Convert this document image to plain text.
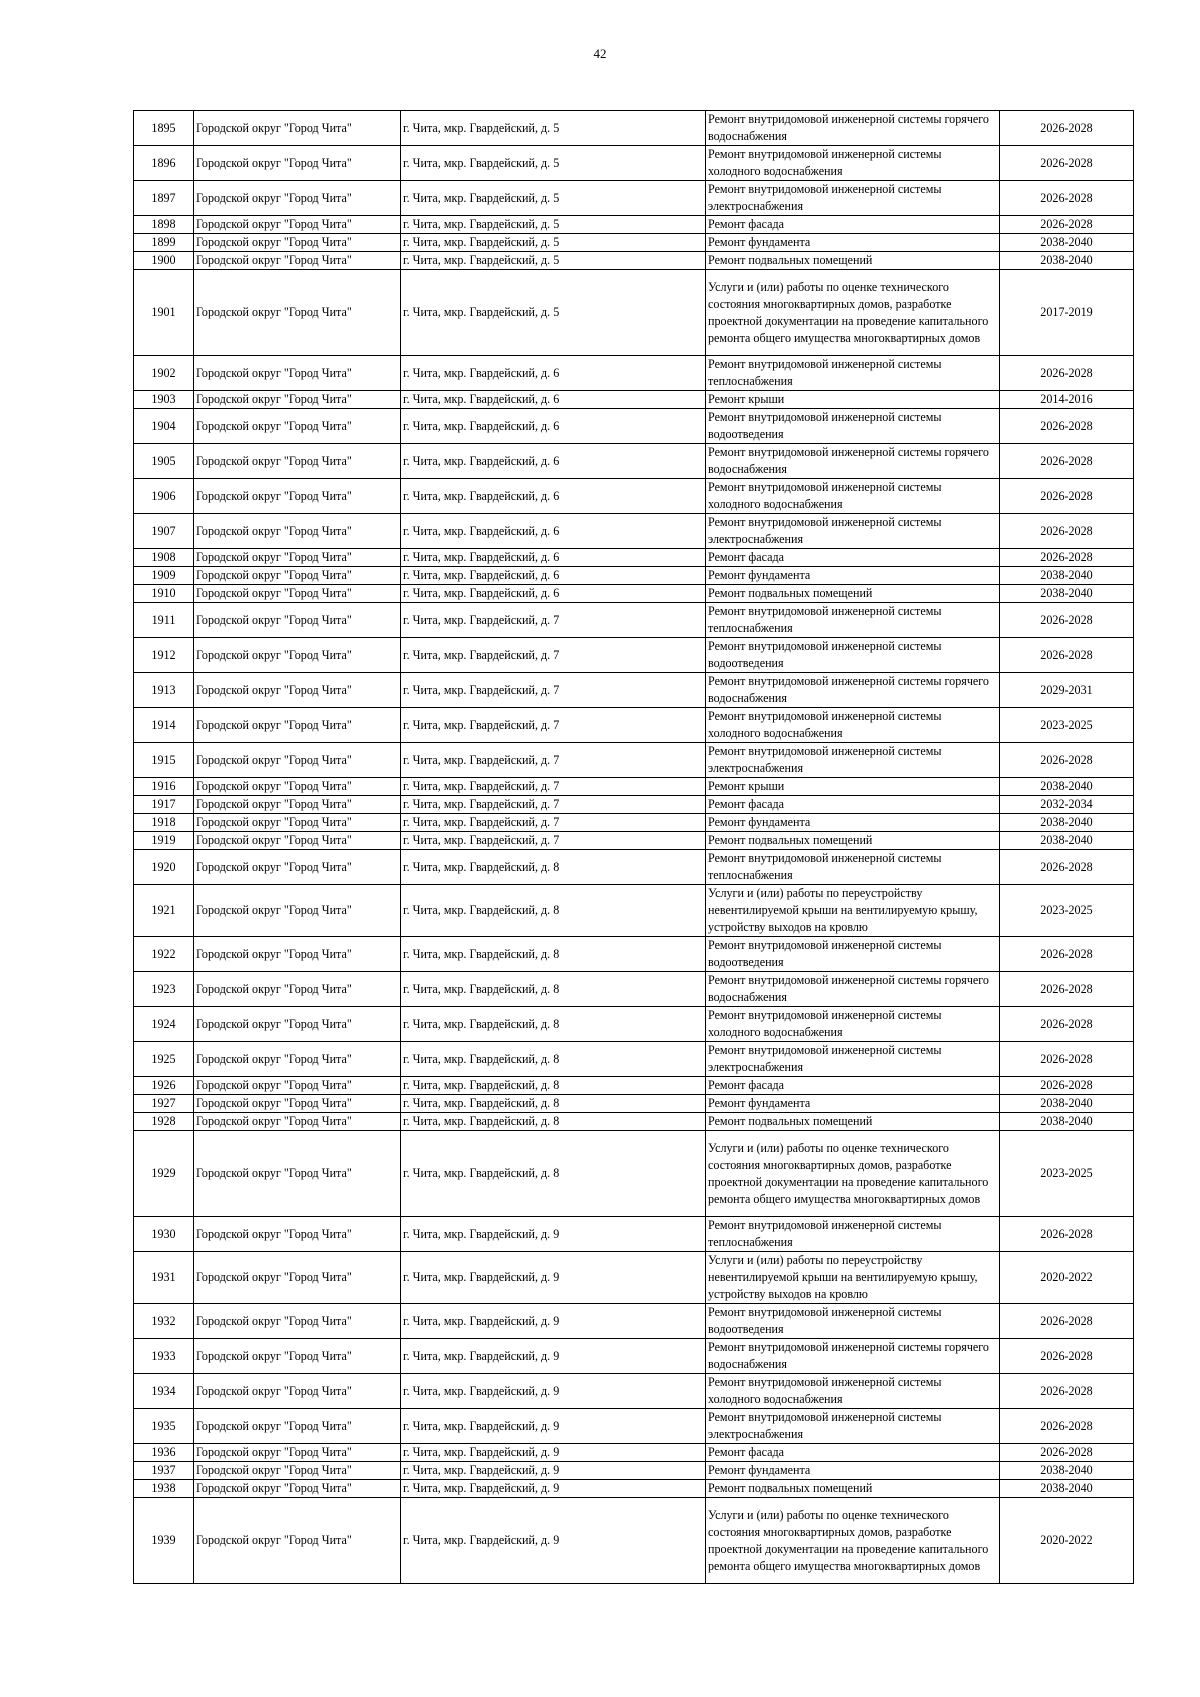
42
1895	Городской округ "Город Чита"	г. Чита, мкр. Гвардейский, д. 5	Ремонт внутридомовой инженерной системы горячего водоснабжения	2026-2028
1896	Городской округ "Город Чита"	г. Чита, мкр. Гвардейский, д. 5	Ремонт внутридомовой инженерной системы холодного водоснабжения	2026-2028
1897	Городской округ "Город Чита"	г. Чита, мкр. Гвардейский, д. 5	Ремонт внутридомовой инженерной системы электроснабжения	2026-2028
1898	Городской округ "Город Чита"	г. Чита, мкр. Гвардейский, д. 5	Ремонт фасада	2026-2028
1899	Городской округ "Город Чита"	г. Чита, мкр. Гвардейский, д. 5	Ремонт фундамента	2038-2040
1900	Городской округ "Город Чита"	г. Чита, мкр. Гвардейский, д. 5	Ремонт подвальных помещений	2038-2040
1901	Городской округ "Город Чита"	г. Чита, мкр. Гвардейский, д. 5	Услуги и (или) работы по оценке технического состояния многоквартирных домов, разработке проектной документации на проведение капитального ремонта общего имущества многоквартирных домов	2017-2019
1902	Городской округ "Город Чита"	г. Чита, мкр. Гвардейский, д. 6	Ремонт внутридомовой инженерной системы теплоснабжения	2026-2028
1903	Городской округ "Город Чита"	г. Чита, мкр. Гвардейский, д. 6	Ремонт крыши	2014-2016
1904	Городской округ "Город Чита"	г. Чита, мкр. Гвардейский, д. 6	Ремонт внутридомовой инженерной системы водоотведения	2026-2028
1905	Городской округ "Город Чита"	г. Чита, мкр. Гвардейский, д. 6	Ремонт внутридомовой инженерной системы горячего водоснабжения	2026-2028
1906	Городской округ "Город Чита"	г. Чита, мкр. Гвардейский, д. 6	Ремонт внутридомовой инженерной системы холодного водоснабжения	2026-2028
1907	Городской округ "Город Чита"	г. Чита, мкр. Гвардейский, д. 6	Ремонт внутридомовой инженерной системы электроснабжения	2026-2028
1908	Городской округ "Город Чита"	г. Чита, мкр. Гвардейский, д. 6	Ремонт фасада	2026-2028
1909	Городской округ "Город Чита"	г. Чита, мкр. Гвардейский, д. 6	Ремонт фундамента	2038-2040
1910	Городской округ "Город Чита"	г. Чита, мкр. Гвардейский, д. 6	Ремонт подвальных помещений	2038-2040
1911	Городской округ "Город Чита"	г. Чита, мкр. Гвардейский, д. 7	Ремонт внутридомовой инженерной системы теплоснабжения	2026-2028
1912	Городской округ "Город Чита"	г. Чита, мкр. Гвардейский, д. 7	Ремонт внутридомовой инженерной системы водоотведения	2026-2028
1913	Городской округ "Город Чита"	г. Чита, мкр. Гвардейский, д. 7	Ремонт внутридомовой инженерной системы горячего водоснабжения	2029-2031
1914	Городской округ "Город Чита"	г. Чита, мкр. Гвардейский, д. 7	Ремонт внутридомовой инженерной системы холодного водоснабжения	2023-2025
1915	Городской округ "Город Чита"	г. Чита, мкр. Гвардейский, д. 7	Ремонт внутридомовой инженерной системы электроснабжения	2026-2028
1916	Городской округ "Город Чита"	г. Чита, мкр. Гвардейский, д. 7	Ремонт крыши	2038-2040
1917	Городской округ "Город Чита"	г. Чита, мкр. Гвардейский, д. 7	Ремонт фасада	2032-2034
1918	Городской округ "Город Чита"	г. Чита, мкр. Гвардейский, д. 7	Ремонт фундамента	2038-2040
1919	Городской округ "Город Чита"	г. Чита, мкр. Гвардейский, д. 7	Ремонт подвальных помещений	2038-2040
1920	Городской округ "Город Чита"	г. Чита, мкр. Гвардейский, д. 8	Ремонт внутридомовой инженерной системы теплоснабжения	2026-2028
1921	Городской округ "Город Чита"	г. Чита, мкр. Гвардейский, д. 8	Услуги и (или) работы по переустройству невентилируемой крыши на вентилируемую крышу, устройству выходов на кровлю	2023-2025
1922	Городской округ "Город Чита"	г. Чита, мкр. Гвардейский, д. 8	Ремонт внутридомовой инженерной системы водоотведения	2026-2028
1923	Городской округ "Город Чита"	г. Чита, мкр. Гвардейский, д. 8	Ремонт внутридомовой инженерной системы горячего водоснабжения	2026-2028
1924	Городской округ "Город Чита"	г. Чита, мкр. Гвардейский, д. 8	Ремонт внутридомовой инженерной системы холодного водоснабжения	2026-2028
1925	Городской округ "Город Чита"	г. Чита, мкр. Гвардейский, д. 8	Ремонт внутридомовой инженерной системы электроснабжения	2026-2028
1926	Городской округ "Город Чита"	г. Чита, мкр. Гвардейский, д. 8	Ремонт фасада	2026-2028
1927	Городской округ "Город Чита"	г. Чита, мкр. Гвардейский, д. 8	Ремонт фундамента	2038-2040
1928	Городской округ "Город Чита"	г. Чита, мкр. Гвардейский, д. 8	Ремонт подвальных помещений	2038-2040
1929	Городской округ "Город Чита"	г. Чита, мкр. Гвардейский, д. 8	Услуги и (или) работы по оценке технического состояния многоквартирных домов, разработке проектной документации на проведение капитального ремонта общего имущества многоквартирных домов	2023-2025
1930	Городской округ "Город Чита"	г. Чита, мкр. Гвардейский, д. 9	Ремонт внутридомовой инженерной системы теплоснабжения	2026-2028
1931	Городской округ "Город Чита"	г. Чита, мкр. Гвардейский, д. 9	Услуги и (или) работы по переустройству невентилируемой крыши на вентилируемую крышу, устройству выходов на кровлю	2020-2022
1932	Городской округ "Город Чита"	г. Чита, мкр. Гвардейский, д. 9	Ремонт внутридомовой инженерной системы водоотведения	2026-2028
1933	Городской округ "Город Чита"	г. Чита, мкр. Гвардейский, д. 9	Ремонт внутридомовой инженерной системы горячего водоснабжения	2026-2028
1934	Городской округ "Город Чита"	г. Чита, мкр. Гвардейский, д. 9	Ремонт внутридомовой инженерной системы холодного водоснабжения	2026-2028
1935	Городской округ "Город Чита"	г. Чита, мкр. Гвардейский, д. 9	Ремонт внутридомовой инженерной системы электроснабжения	2026-2028
1936	Городской округ "Город Чита"	г. Чита, мкр. Гвардейский, д. 9	Ремонт фасада	2026-2028
1937	Городской округ "Город Чита"	г. Чита, мкр. Гвардейский, д. 9	Ремонт фундамента	2038-2040
1938	Городской округ "Город Чита"	г. Чита, мкр. Гвардейский, д. 9	Ремонт подвальных помещений	2038-2040
1939	Городской округ "Город Чита"	г. Чита, мкр. Гвардейский, д. 9	Услуги и (или) работы по оценке технического состояния многоквартирных домов, разработке проектной документации на проведение капитального ремонта общего имущества многоквартирных домов	2020-2022
